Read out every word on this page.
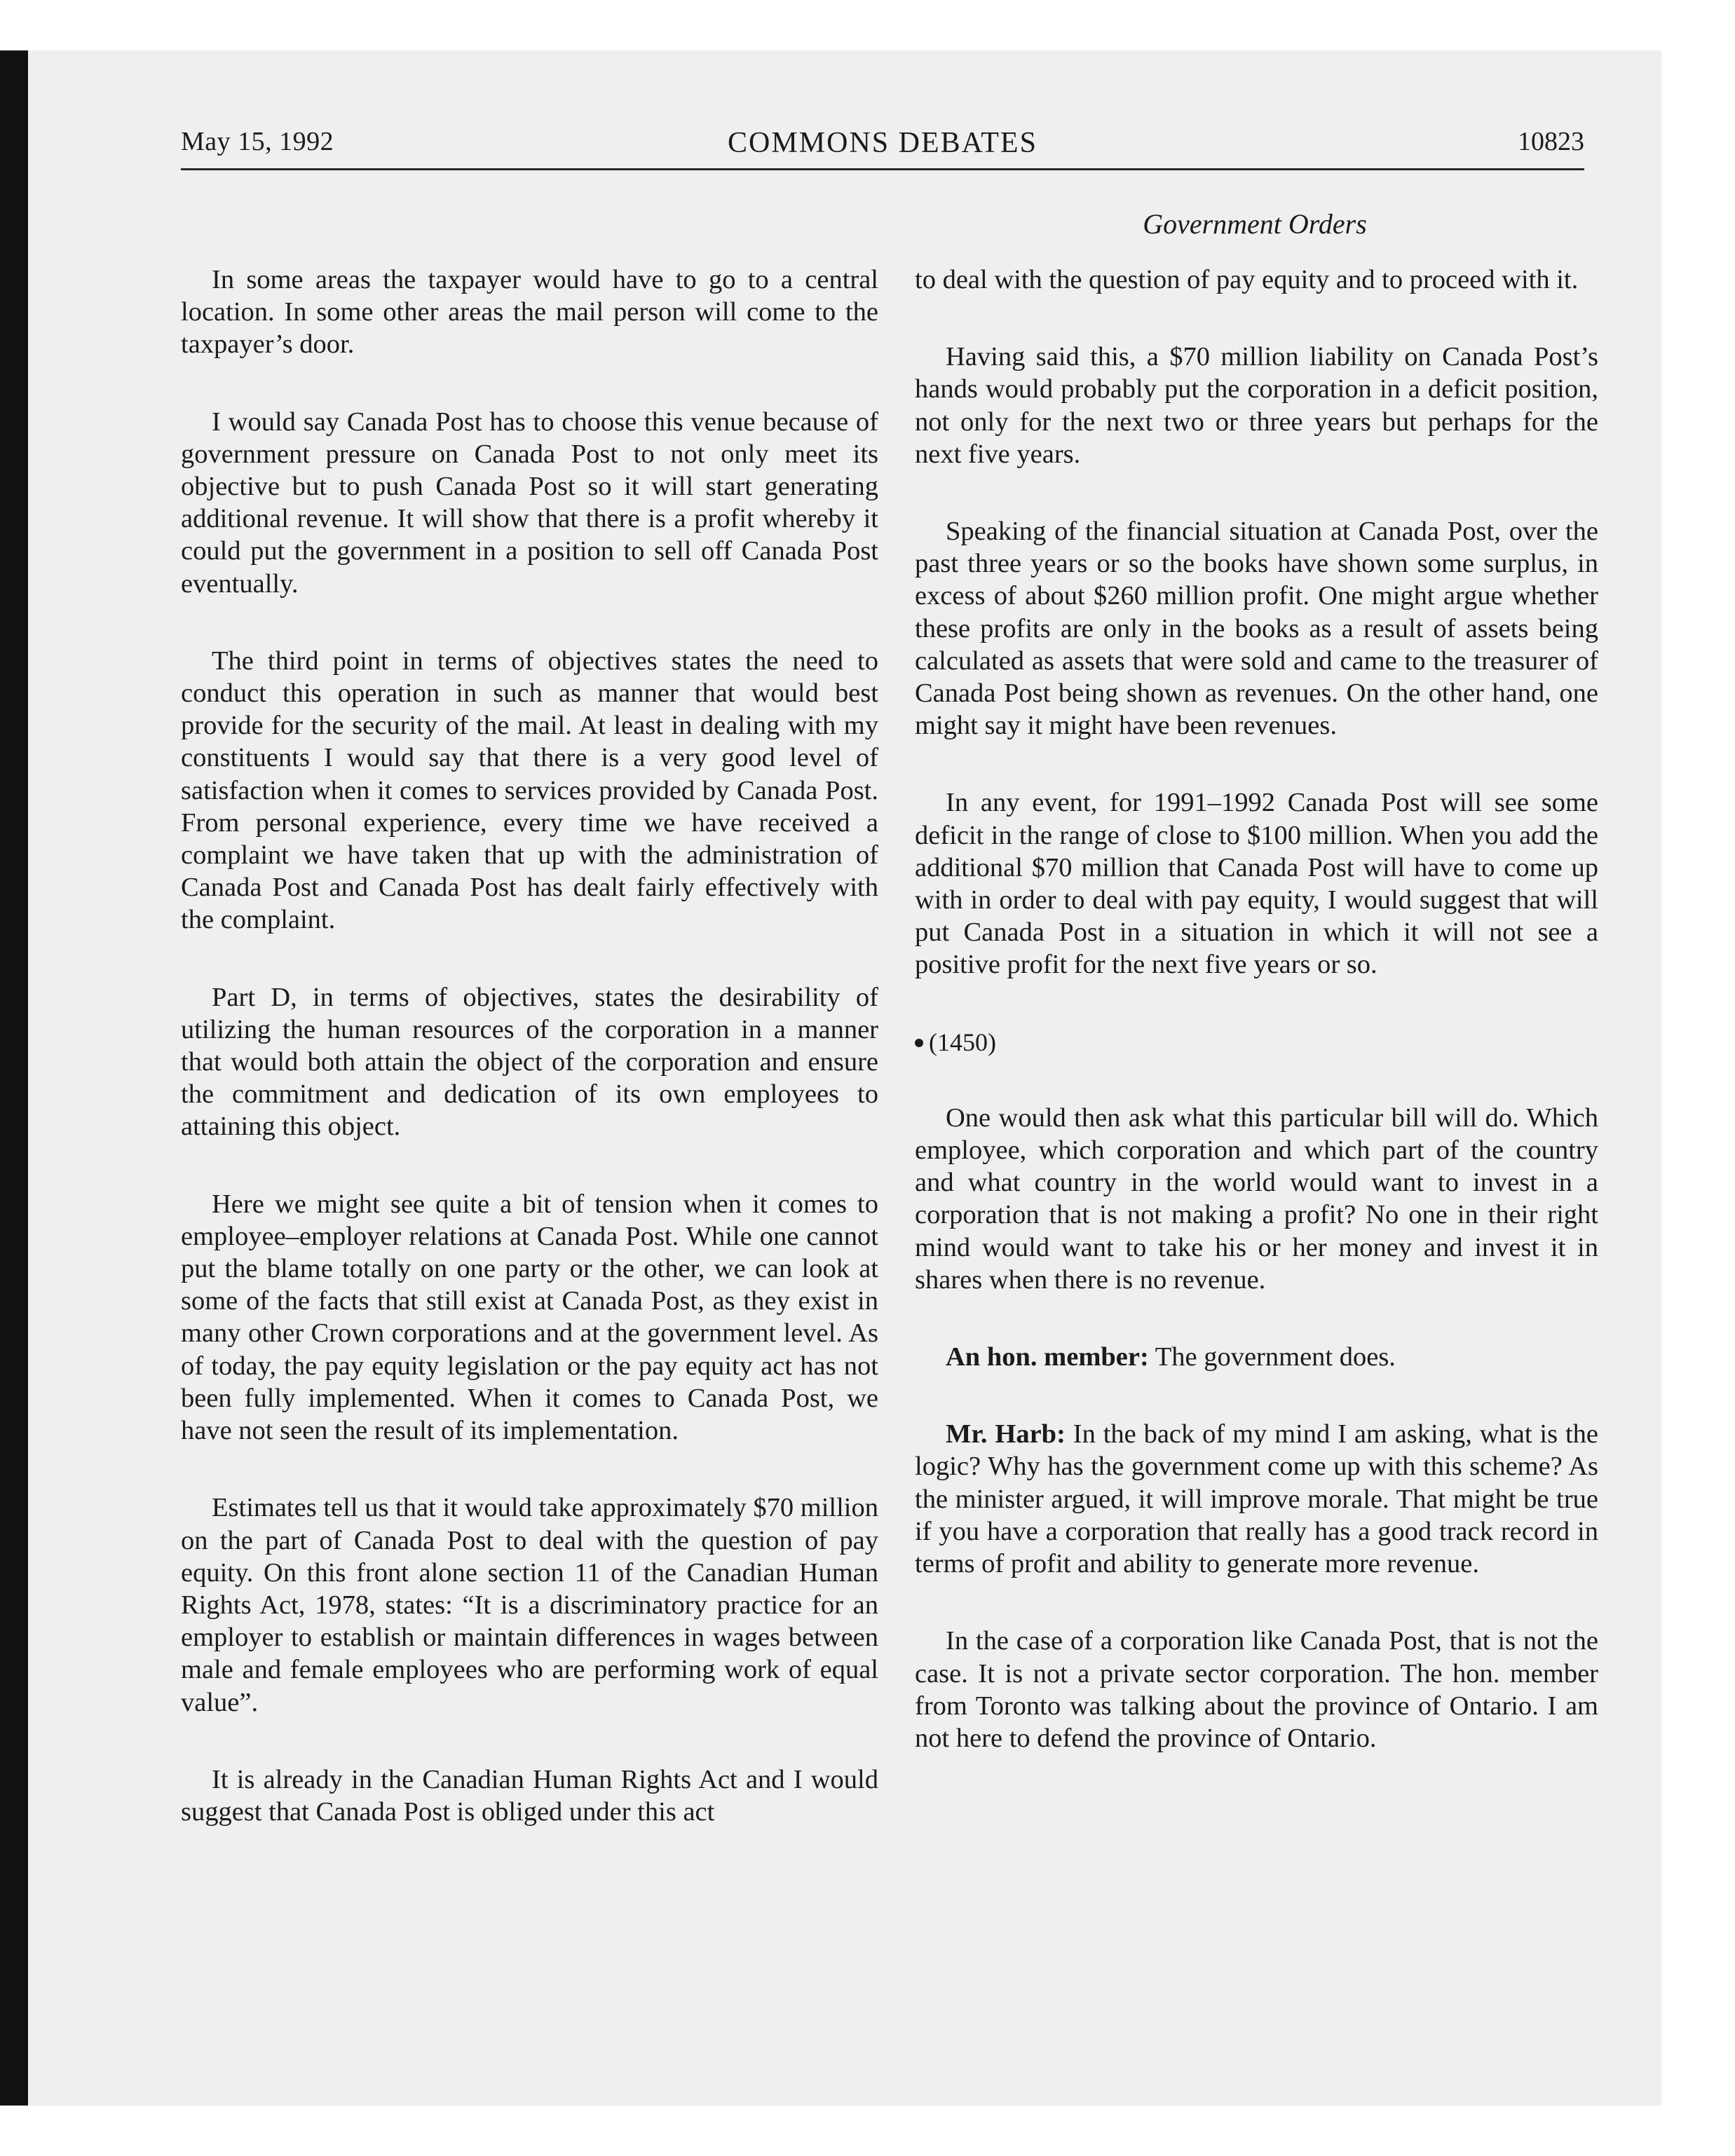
May 15, 1992	COMMONS DEBATES	10823
Government Orders

In some areas the taxpayer would have to go to a central location. In some other areas the mail person will come to the taxpayer’s door.

I would say Canada Post has to choose this venue because of government pressure on Canada Post to not only meet its objective but to push Canada Post so it will start generating additional revenue. It will show that there is a profit whereby it could put the government in a position to sell off Canada Post eventually.

The third point in terms of objectives states the need to conduct this operation in such as manner that would best provide for the security of the mail. At least in dealing with my constituents I would say that there is a very good level of satisfaction when it comes to services provided by Canada Post. From personal experience, every time we have received a complaint we have taken that up with the administration of Canada Post and Canada Post has dealt fairly effectively with the complaint.

Part D, in terms of objectives, states the desirability of utilizing the human resources of the corporation in a manner that would both attain the object of the corporation and ensure the commitment and dedication of its own employees to attaining this object.

Here we might see quite a bit of tension when it comes to employee–employer relations at Canada Post. While one cannot put the blame totally on one party or the other, we can look at some of the facts that still exist at Canada Post, as they exist in many other Crown corporations and at the government level. As of today, the pay equity legislation or the pay equity act has not been fully implemented. When it comes to Canada Post, we have not seen the result of its implementation.

Estimates tell us that it would take approximately $70 million on the part of Canada Post to deal with the question of pay equity. On this front alone section 11 of the Canadian Human Rights Act, 1978, states: “It is a discriminatory practice for an employer to establish or maintain differences in wages between male and female employees who are performing work of equal value”.

It is already in the Canadian Human Rights Act and I would suggest that Canada Post is obliged under this act

to deal with the question of pay equity and to proceed with it.

Having said this, a $70 million liability on Canada Post’s hands would probably put the corporation in a deficit position, not only for the next two or three years but perhaps for the next five years.

Speaking of the financial situation at Canada Post, over the past three years or so the books have shown some surplus, in excess of about $260 million profit. One might argue whether these profits are only in the books as a result of assets being calculated as assets that were sold and came to the treasurer of Canada Post being shown as revenues. On the other hand, one might say it might have been revenues.

In any event, for 1991–1992 Canada Post will see some deficit in the range of close to $100 million. When you add the additional $70 million that Canada Post will have to come up with in order to deal with pay equity, I would suggest that will put Canada Post in a situation in which it will not see a positive profit for the next five years or so.

(1450)

One would then ask what this particular bill will do. Which employee, which corporation and which part of the country and what country in the world would want to invest in a corporation that is not making a profit? No one in their right mind would want to take his or her money and invest it in shares when there is no revenue.

An hon. member: The government does.

Mr. Harb: In the back of my mind I am asking, what is the logic? Why has the government come up with this scheme? As the minister argued, it will improve morale. That might be true if you have a corporation that really has a good track record in terms of profit and ability to generate more revenue.

In the case of a corporation like Canada Post, that is not the case. It is not a private sector corporation. The hon. member from Toronto was talking about the province of Ontario. I am not here to defend the province of Ontario.
